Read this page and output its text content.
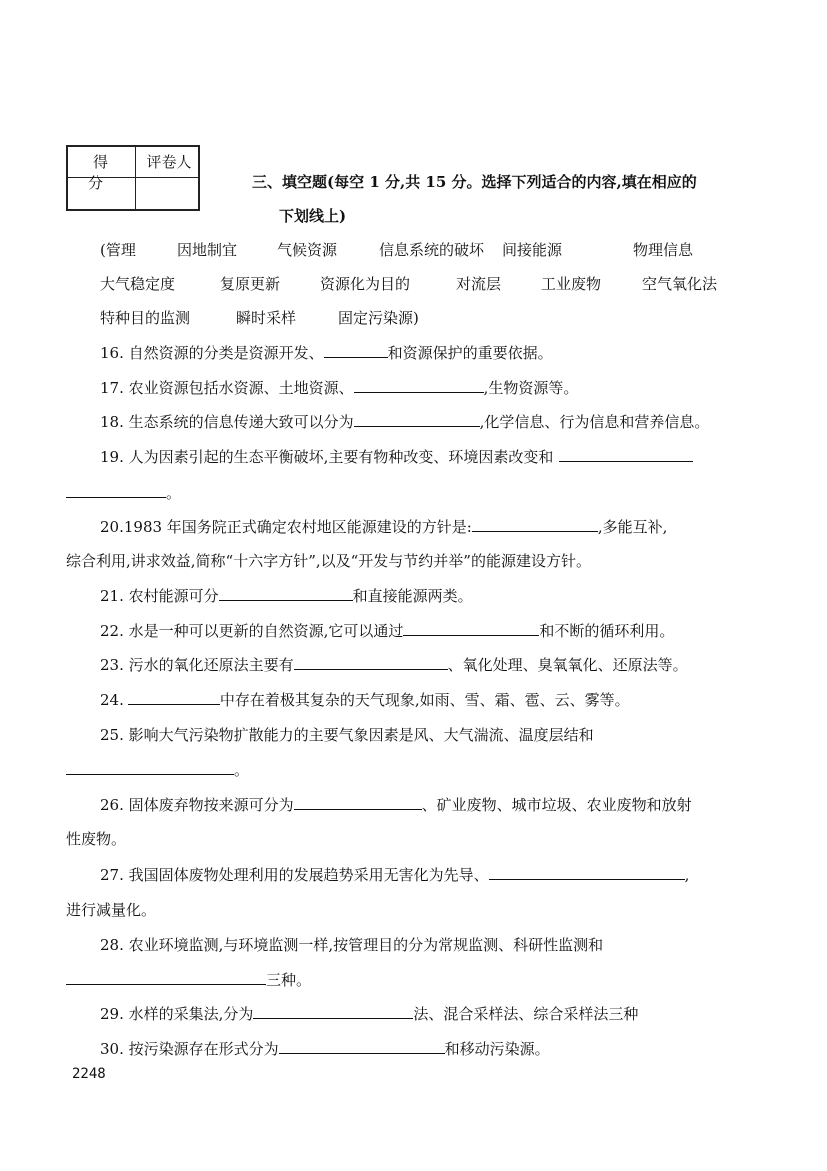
得 分
评卷人
三、填空题(每空 1 分,共 15 分。选择下列适合的内容,填在相应的
下划线上)
(管理	因地制宜	气候资源	信息系统的破坏 间接能源	物理信息
大气稳定度	复原更新	资源化为目的	对流层	工业废物	空气氧化法
特种目的监测	瞬时采样	固定污染源)
16. 自然资源的分类是资源开发、	和资源保护的重要依据。
17. 农业资源包括水资源、土地资源、	,生物资源等。
18. 生态系统的信息传递大致可以分为	,化学信息、行为信息和营养信息。
19. 人为因素引起的生态平衡破坏,主要有物种改变、环境因素改变和
。
20.1983 年国务院正式确定农村地区能源建设的方针是:	,多能互补,
综合利用,讲求效益,简称“十六字方针”,以及“开发与节约并举”的能源建设方针。
21. 农村能源可分	和直接能源两类。
22. 水是一种可以更新的自然资源,它可以通过	和不断的循环利用。
23. 污水的氧化还原法主要有	、氧化处理、臭氧氧化、还原法等。
24.	中存在着极其复杂的天气现象,如雨、雪、霜、雹、云、雾等。
25. 影响大气污染物扩散能力的主要气象因素是风、大气湍流、温度层结和
。
26. 固体废弃物按来源可分为	、矿业废物、城市垃圾、农业废物和放射
性废物。
27. 我国固体废物处理利用的发展趋势采用无害化为先导、	,
进行减量化。
28. 农业环境监测,与环境监测一样,按管理目的分为常规监测、科研性监测和
三种。
29. 水样的采集法,分为	法、混合采样法、综合采样法三种
30. 按污染源存在形式分为	和移动污染源。
2248
